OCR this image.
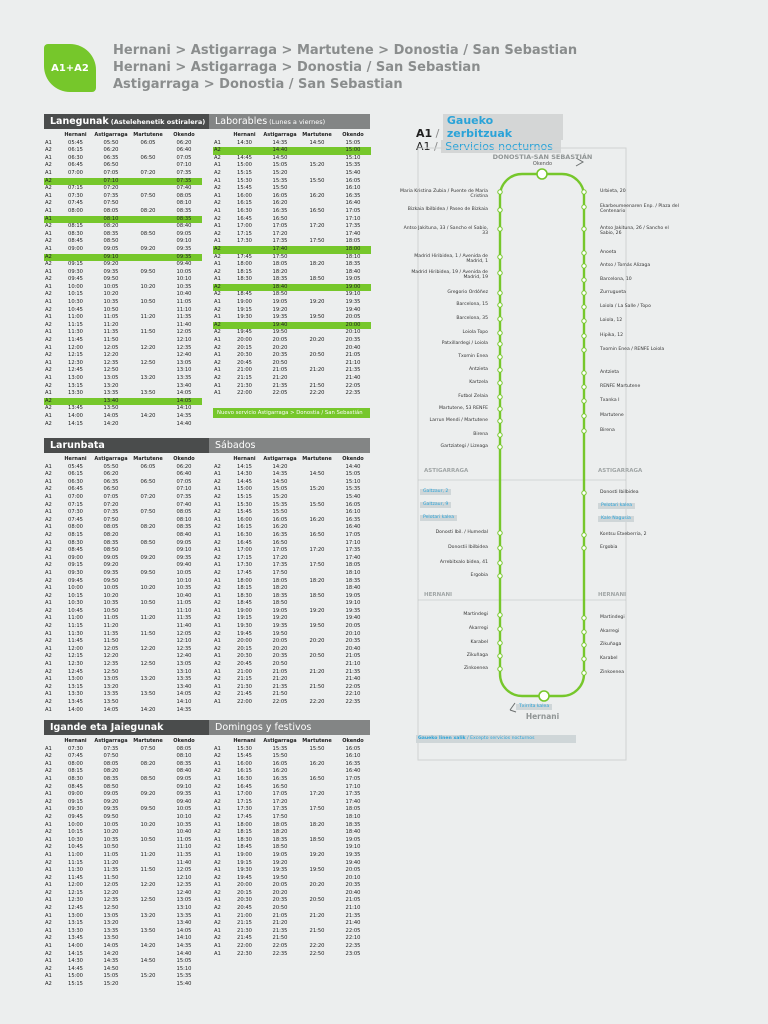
A1+A2
Hernani > Astigarraga > Martutene > Donostia / San Sebastian
Hernani > Astigarraga > Donostia / San Sebastian
Astigarraga > Donostia / San Sebastian
Lanegunak (Astelehenetik ostiralera)	Laborables (Lunes a viernes)
	Hernani	Astigarraga	Martutene	Okendo
A1	05:45	05:50	06:05	06:20
A2	06:15	06:20		06:40
A1	06:30	06:35	06:50	07:05
A2	06:45	06:50		07:10
A1	07:00	07:05	07:20	07:35
A2		07:10		07:35
A2	07:15	07:20		07:40
A1	07:30	07:35	07:50	08:05
A2	07:45	07:50		08:10
A1	08:00	08:05	08:20	08:35
A1		08:10		08:35
A2	08:15	08:20		08:40
A1	08:30	08:35	08:50	09:05
A2	08:45	08:50		09:10
A1	09:00	09:05	09:20	09:35
A2		09:10		09:35
A2	09:15	09:20		09:40
A1	09:30	09:35	09:50	10:05
A2	09:45	09:50		10:10
A1	10:00	10:05	10:20	10:35
A2	10:15	10:20		10:40
A1	10:30	10:35	10:50	11:05
A2	10:45	10:50		11:10
A1	11:00	11:05	11:20	11:35
A2	11:15	11:20		11:40
A1	11:30	11:35	11:50	12:05
A2	11:45	11:50		12:10
A1	12:00	12:05	12:20	12:35
A2	12:15	12:20		12:40
A1	12:30	12:35	12:50	13:05
A2	12:45	12:50		13:10
A1	13:00	13:05	13:20	13:35
A2	13:15	13:20		13:40
A1	13:30	13:35	13:50	14:05
A2		13:40		14:05
A2	13:45	13:50		14:10
A1	14:00	14:05	14:20	14:35
A2	14:15	14:20		14:40
	Hernani	Astigarraga	Martutene	Okendo
A1	14:30	14:35	14:50	15:05
A2		14:40		15:00
A2	14:45	14:50		15:10
A1	15:00	15:05	15:20	15:35
A2	15:15	15:20		15:40
A1	15:30	15:35	15:50	16:05
A2	15:45	15:50		16:10
A1	16:00	16:05	16:20	16:35
A2	16:15	16:20		16:40
A1	16:30	16:35	16:50	17:05
A2	16:45	16:50		17:10
A1	17:00	17:05	17:20	17:35
A2	17:15	17:20		17:40
A1	17:30	17:35	17:50	18:05
A2		17:40		18:00
A2	17:45	17:50		18:10
A1	18:00	18:05	18:20	18:35
A2	18:15	18:20		18:40
A1	18:30	18:35	18:50	19:05
A2		18:40		19:00
A2	18:45	18:50		19:10
A1	19:00	19:05	19:20	19:35
A2	19:15	19:20		19:40
A1	19:30	19:35	19:50	20:05
A2		19:40		20:00
A2	19:45	19:50		20:10
A1	20:00	20:05	20:20	20:35
A2	20:15	20:20		20:40
A1	20:30	20:35	20:50	21:05
A2	20:45	20:50		21:10
A1	21:00	21:05	21:20	21:35
A2	21:15	21:20		21:40
A1	21:30	21:35	21:50	22:05
A1	22:00	22:05	22:20	22:35
Nuevo servicio Astigarraga > Donostia / San Sebastián
Larunbata	Sábados
	Hernani	Astigarraga	Martutene	Okendo
A1	05:45	05:50	06:05	06:20
A2	06:15	06:20		06:40
A1	06:30	06:35	06:50	07:05
A2	06:45	06:50		07:10
A1	07:00	07:05	07:20	07:35
A2	07:15	07:20		07:40
A1	07:30	07:35	07:50	08:05
A2	07:45	07:50		08:10
A1	08:00	08:05	08:20	08:35
A2	08:15	08:20		08:40
A1	08:30	08:35	08:50	09:05
A2	08:45	08:50		09:10
A1	09:00	09:05	09:20	09:35
A2	09:15	09:20		09:40
A1	09:30	09:35	09:50	10:05
A2	09:45	09:50		10:10
A1	10:00	10:05	10:20	10:35
A2	10:15	10:20		10:40
A1	10:30	10:35	10:50	11:05
A2	10:45	10:50		11:10
A1	11:00	11:05	11:20	11:35
A2	11:15	11:20		11:40
A1	11:30	11:35	11:50	12:05
A2	11:45	11:50		12:10
A1	12:00	12:05	12:20	12:35
A2	12:15	12:20		12:40
A1	12:30	12:35	12:50	13:05
A2	12:45	12:50		13:10
A1	13:00	13:05	13:20	13:35
A2	13:15	13:20		13:40
A1	13:30	13:35	13:50	14:05
A2	13:45	13:50		14:10
A1	14:00	14:05	14:20	14:35
	Hernani	Astigarraga	Martutene	Okendo
A2	14:15	14:20		14:40
A1	14:30	14:35	14:50	15:05
A2	14:45	14:50		15:10
A1	15:00	15:05	15:20	15:35
A2	15:15	15:20		15:40
A1	15:30	15:35	15:50	16:05
A2	15:45	15:50		16:10
A1	16:00	16:05	16:20	16:35
A2	16:15	16:20		16:40
A1	16:30	16:35	16:50	17:05
A2	16:45	16:50		17:10
A1	17:00	17:05	17:20	17:35
A2	17:15	17:20		17:40
A1	17:30	17:35	17:50	18:05
A2	17:45	17:50		18:10
A1	18:00	18:05	18:20	18:35
A2	18:15	18:20		18:40
A1	18:30	18:35	18:50	19:05
A2	18:45	18:50		19:10
A1	19:00	19:05	19:20	19:35
A2	19:15	19:20		19:40
A1	19:30	19:35	19:50	20:05
A2	19:45	19:50		20:10
A1	20:00	20:05	20:20	20:35
A2	20:15	20:20		20:40
A1	20:30	20:35	20:50	21:05
A2	20:45	20:50		21:10
A1	21:00	21:05	21:20	21:35
A2	21:15	21:20		21:40
A1	21:30	21:35	21:50	22:05
A2	21:45	21:50		22:10
A1	22:00	22:05	22:20	22:35
Igande eta Jaiegunak	Domingos y festivos
	Hernani	Astigarraga	Martutene	Okendo
A1	07:30	07:35	07:50	08:05
A2	07:45	07:50		08:10
A1	08:00	08:05	08:20	08:35
A2	08:15	08:20		08:40
A1	08:30	08:35	08:50	09:05
A2	08:45	08:50		09:10
A1	09:00	09:05	09:20	09:35
A2	09:15	09:20		09:40
A1	09:30	09:35	09:50	10:05
A2	09:45	09:50		10:10
A1	10:00	10:05	10:20	10:35
A2	10:15	10:20		10:40
A1	10:30	10:35	10:50	11:05
A2	10:45	10:50		11:10
A1	11:00	11:05	11:20	11:35
A2	11:15	11:20		11:40
A1	11:30	11:35	11:50	12:05
A2	11:45	11:50		12:10
A1	12:00	12:05	12:20	12:35
A2	12:15	12:20		12:40
A1	12:30	12:35	12:50	13:05
A2	12:45	12:50		13:10
A1	13:00	13:05	13:20	13:35
A2	13:15	13:20		13:40
A1	13:30	13:35	13:50	14:05
A2	13:45	13:50		14:10
A1	14:00	14:05	14:20	14:35
A2	14:15	14:20		14:40
A1	14:30	14:35	14:50	15:05
A2	14:45	14:50		15:10
A1	15:00	15:05	15:20	15:35
A2	15:15	15:20		15:40
	Hernani	Astigarraga	Martutene	Okendo
A1	15:30	15:35	15:50	16:05
A2	15:45	15:50		16:10
A1	16:00	16:05	16:20	16:35
A2	16:15	16:20		16:40
A1	16:30	16:35	16:50	17:05
A2	16:45	16:50		17:10
A1	17:00	17:05	17:20	17:35
A2	17:15	17:20		17:40
A1	17:30	17:35	17:50	18:05
A2	17:45	17:50		18:10
A1	18:00	18:05	18:20	18:35
A2	18:15	18:20		18:40
A1	18:30	18:35	18:50	19:05
A2	18:45	18:50		19:10
A1	19:00	19:05	19:20	19:35
A2	19:15	19:20		19:40
A1	19:30	19:35	19:50	20:05
A2	19:45	19:50		20:10
A1	20:00	20:05	20:20	20:35
A2	20:15	20:20		20:40
A1	20:30	20:35	20:50	21:05
A2	20:45	20:50		21:10
A1	21:00	21:05	21:20	21:35
A2	21:15	21:20		21:40
A1	21:30	21:35	21:50	22:05
A2	21:45	21:50		22:10
A1	22:00	22:05	22:20	22:35
A1	22:30	22:35	22:50	23:05
A1 / Gaueko zerbitzuak
A1 / Servicios nocturnos
DONOSTIA-SAN SEBASTIÁN
Okendo
Txirrita kalea
Hernani
ASTIGARRAGA	ASTIGARRAGA
HERNANI	HERNANI
Maria Kristina Zubia / Puente de María Cristina
Bizkaia Ibilbidea / Paseo de Bizkaia
Antso Jakituna, 33 / Sancho el Sabio, 33
Madrid Hiribidea, 1 / Avenida de Madrid, 1
Madrid Hiribidea, 19 / Avenida de Madrid, 19
Gregorio Ordóñez
Barcelona, 15
Barcelona, 35
Loiola Topo
Patxillardegi / Loiola
Txomin Enea
Antzieta
Kartzela
Futbol Zelaia
Martutene, 53 RENFE
Larrun Mendi / Martutene
Birena
Gartziategi / Lizeaga
Urbieta, 20
Ekarbeumeenaren Enp. / Plaza del Centenario
Antso Jakituna, 26 / Sancho el Sabio, 26
Anoeta
Antso / Tomás Alizaga
Barcelona, 10
Zurrugueta
Loiola / La Salle / Topo
Loiola, 12
Hipika, 12
Txomin Enea / RENFE Loiola
Antzieta
RENFE Martutene
Txanka I
Martutene
Birena
Galtzaur, 2
Galtzaur, 9
Pelotari kalea
Donosti Ibil. / Humedal
Donostii Ibilbidea
Arrebitxalo bidea, 41
Ergobia
Pelotari kalea
Kale Nagusia
Donosti Ibilbidea
Kontsu Etxeberria, 2
Ergobia
Martindegi
Akarregi
Karabel
Zikuñaga
Zinkoenea
Martindegi
Akarregi
Zikuñaga
Karabel
Zinkoenea
Gaueko linen xalik / Excepto servicios nocturnos
